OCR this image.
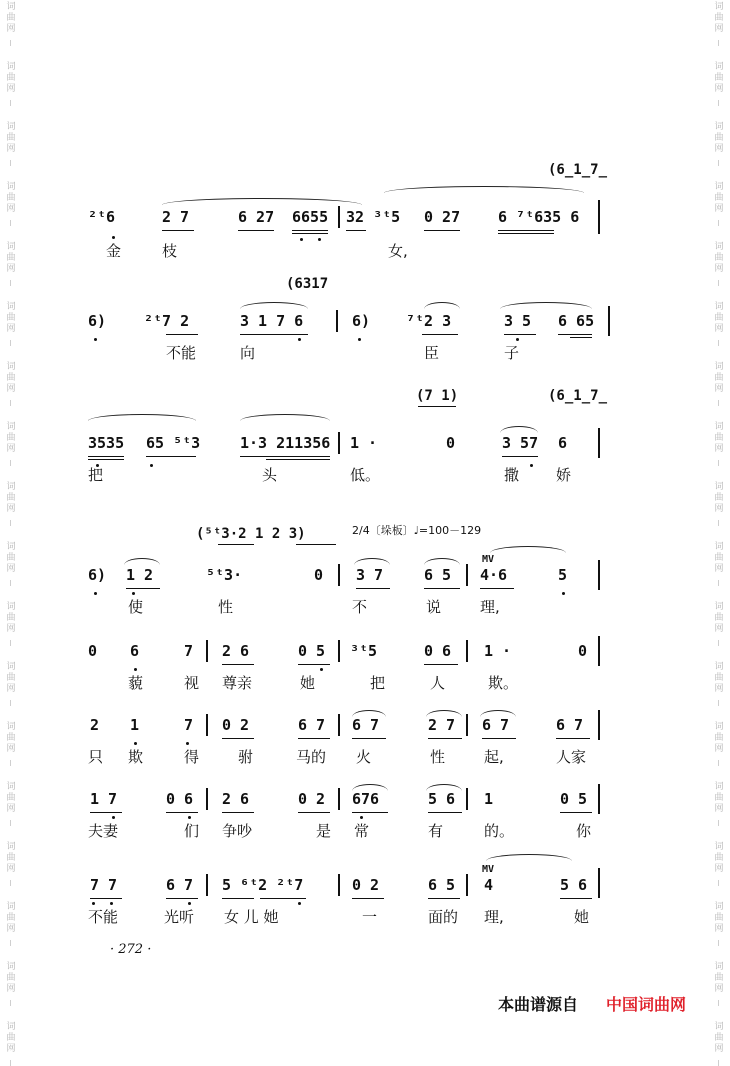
词
曲
网
词
曲
网
词
曲
网
词
曲
网
词
曲
网
词
曲
网
词
曲
网
词
曲
网
词
曲
网
词
曲
网
词
曲
网
词
曲
网
词
曲
网
词
曲
网
词
曲
网
词
曲
网
词
曲
网
词
曲
网
词
曲
网
词
曲
网
词
曲
网
词
曲
网
词
曲
网
词
曲
网
词
曲
网
词
曲
网
词
曲
网
词
曲
网
词
曲
网
词
曲
网
词
曲
网
词
曲
网
词
曲
网
词
曲
网
词
曲
网
词
曲
网
(6̲1̲7̲
²ᵗ6	2 7	6 27 6655 32 ³ᵗ5 0 27	6 ⁷ᵗ635 6
金	枝	女,
(6317
6)	²ᵗ7 2	3 1 7 6	6) ⁷ᵗ2 3	3 5 6 65
不能	向	臣	子
(7 1)	(6̲1̲7̲
3535 65 ⁵ᵗ3	1·3 211356 1 ·	0	3 57 6
把	头	低。	撒 娇
(⁵ᵗ3·2 1 2 3)	2/4〔垛板〕♩=100－129
MV
6) 1 2	⁵ᵗ3·	0 3 7	6 5 4·6	5
使	性	不	说	理,
0 6	7 2 6	0 5 ³ᵗ5	0 6 1 ·	0
藐	视 尊亲	她	把	人	欺。
2 1	7 0 2	6 7 6 7	2 7 6 7	6 7
只 欺	得	驸	马的 火	性	起,	人家
1 7	0 6 2 6	0 2 676	5 6 1	0 5
夫妻	们 争吵	是 常	有	的。	你
MV
7 7	6 7 5 ⁶ᵗ2 ²ᵗ7	0 2	6 5 4	5 6
不能	光听 女 儿 她	一	面的 理,	她
· 272 ·
本曲谱源自 中国词曲网
